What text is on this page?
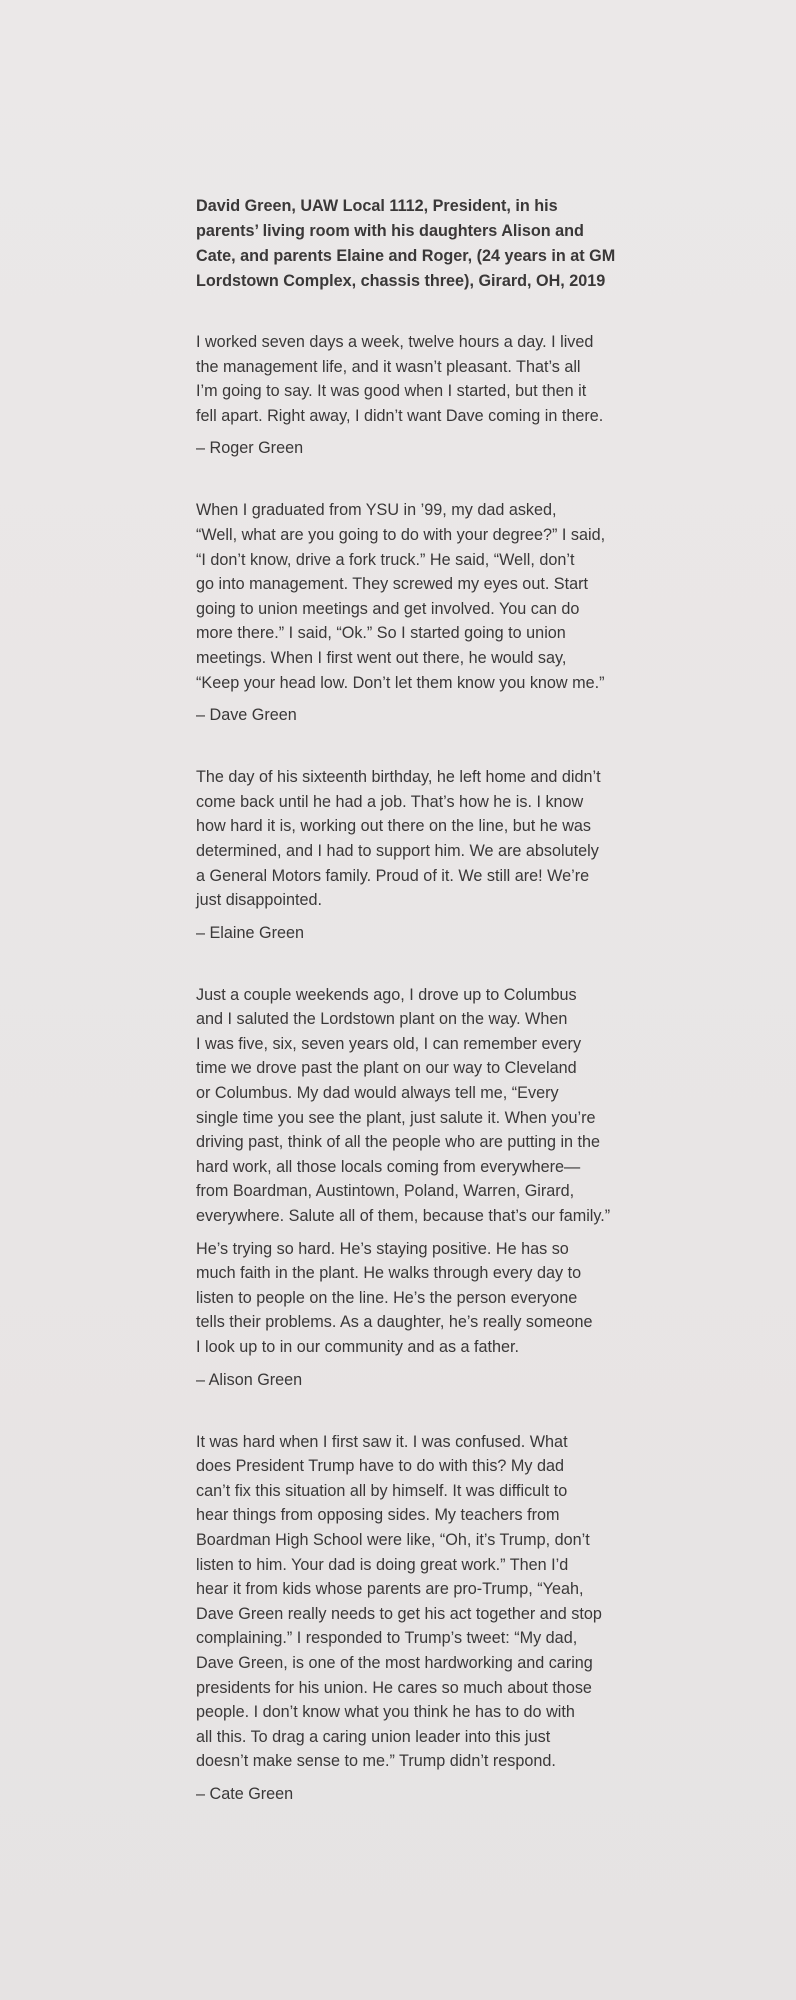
David Green, UAW Local 1112, President, in his
parents’ living room with his daughters Alison and
Cate, and parents Elaine and Roger, (24 years in at GM
Lordstown Complex, chassis three), Girard, OH, 2019

I worked seven days a week, twelve hours a day. I lived
the management life, and it wasn’t pleasant. That’s all
I’m going to say. It was good when I started, but then it
fell apart. Right away, I didn’t want Dave coming in there.

– Roger Green

When I graduated from YSU in ’99, my dad asked,
“Well, what are you going to do with your degree?” I said,
“I don’t know, drive a fork truck.” He said, “Well, don’t
go into management. They screwed my eyes out. Start
going to union meetings and get involved. You can do
more there.” I said, “Ok.” So I started going to union
meetings. When I first went out there, he would say,
“Keep your head low. Don’t let them know you know me.”

– Dave Green

The day of his sixteenth birthday, he left home and didn’t
come back until he had a job. That’s how he is. I know
how hard it is, working out there on the line, but he was
determined, and I had to support him. We are absolutely
a General Motors family. Proud of it. We still are! We’re
just disappointed.

– Elaine Green

Just a couple weekends ago, I drove up to Columbus
and I saluted the Lordstown plant on the way. When
I was five, six, seven years old, I can remember every
time we drove past the plant on our way to Cleveland
or Columbus. My dad would always tell me, “Every
single time you see the plant, just salute it. When you’re
driving past, think of all the people who are putting in the
hard work, all those locals coming from everywhere—
from Boardman, Austintown, Poland, Warren, Girard,
everywhere. Salute all of them, because that’s our family.”

He’s trying so hard. He’s staying positive. He has so
much faith in the plant. He walks through every day to
listen to people on the line. He’s the person everyone
tells their problems. As a daughter, he’s really someone
I look up to in our community and as a father.

– Alison Green

It was hard when I first saw it. I was confused. What
does President Trump have to do with this? My dad
can’t fix this situation all by himself. It was difficult to
hear things from opposing sides. My teachers from
Boardman High School were like, “Oh, it’s Trump, don’t
listen to him. Your dad is doing great work.” Then I’d
hear it from kids whose parents are pro-Trump, “Yeah,
Dave Green really needs to get his act together and stop
complaining.” I responded to Trump’s tweet: “My dad,
Dave Green, is one of the most hardworking and caring
presidents for his union. He cares so much about those
people. I don’t know what you think he has to do with
all this. To drag a caring union leader into this just
doesn’t make sense to me.” Trump didn’t respond.

– Cate Green
